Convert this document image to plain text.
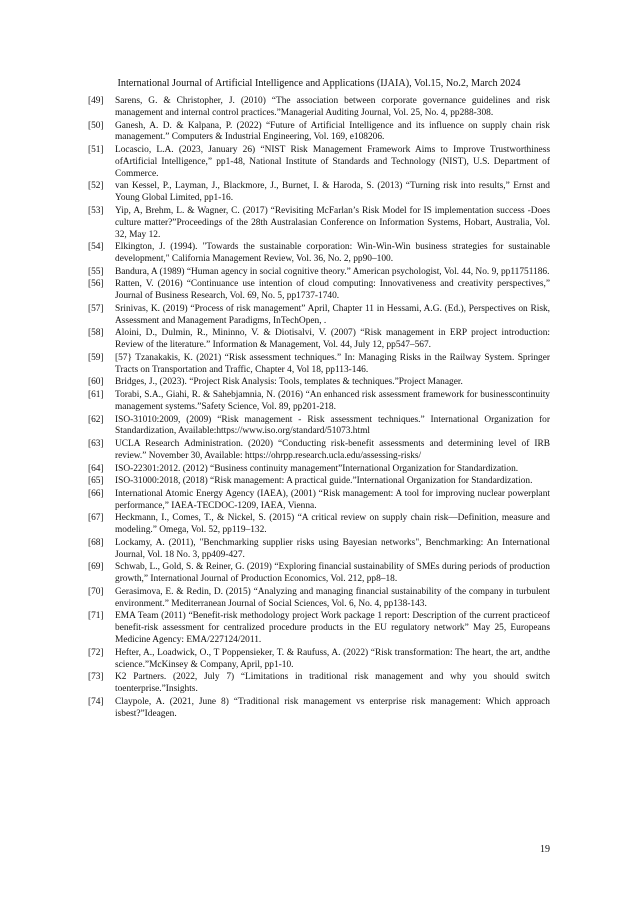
International Journal of Artificial Intelligence and Applications (IJAIA), Vol.15, No.2, March 2024
[49]	Sarens, G. & Christopher, J. (2010) “The association between corporate governance guidelines and risk management and internal control practices.”Managerial Auditing Journal, Vol. 25, No. 4, pp288-308.
[50]	Ganesh, A. D. & Kalpana, P. (2022) “Future of Artificial Intelligence and its influence on supply chain risk management.” Computers & Industrial Engineering, Vol. 169, e108206.
[51]	Locascio, L.A. (2023, January 26) “NIST Risk Management Framework Aims to Improve Trustworthiness ofArtificial Intelligence,” pp1-48, National Institute of Standards and Technology (NIST), U.S. Department of Commerce.
[52]	van Kessel, P., Layman, J., Blackmore, J., Burnet, I. & Haroda, S. (2013) “Turning risk into results,” Ernst and Young Global Limited, pp1-16.
[53]	Yip, A, Brehm, L. & Wagner, C. (2017) “Revisiting McFarlan’s Risk Model for IS implementation success -Does culture matter?”Proceedings of the 28th Australasian Conference on Information Systems, Hobart, Australia, Vol. 32, May 12.
[54]	Elkington, J. (1994). "Towards the sustainable corporation: Win-Win-Win business strategies for sustainable development," California Management Review, Vol. 36, No. 2, pp90–100.
[55]	Bandura, A (1989) “Human agency in social cognitive theory.” American psychologist, Vol. 44, No. 9, pp11751186.
[56]	Ratten, V. (2016) “Continuance use intention of cloud computing: Innovativeness and creativity perspectives,” Journal of Business Research, Vol. 69, No. 5, pp1737-1740.
[57]	Srinivas, K. (2019) “Process of risk management” April, Chapter 11 in Hessami, A.G. (Ed.), Perspectives on Risk, Assessment and Management Paradigms, InTechOpen, .
[58]	Aloini, D., Dulmin, R., Mininno, V. & Diotisalvi, V. (2007) “Risk management in ERP project introduction: Review of the literature.” Information & Management, Vol. 44, July 12, pp547–567.
[59]	[57} Tzanakakis, K. (2021) “Risk assessment techniques.” In: Managing Risks in the Railway System. Springer Tracts on Transportation and Traffic, Chapter 4, Vol 18, pp113-146.
[60]	Bridges, J., (2023). “Project Risk Analysis: Tools, templates & techniques.”Project Manager.
[61]	Torabi, S.A., Giahi, R. & Sahebjamnia, N. (2016) “An enhanced risk assessment framework for businesscontinuity management systems.”Safety Science, Vol. 89, pp201-218.
[62]	ISO-31010:2009, (2009) “Risk management - Risk assessment techniques.” International Organization for Standardization, Available:https://www.iso.org/standard/51073.html
[63]	UCLA Research Administration. (2020) “Conducting risk-benefit assessments and determining level of IRB review.” November 30, Available: https://ohrpp.research.ucla.edu/assessing-risks/
[64]	ISO-22301:2012. (2012) “Business continuity management”International Organization for Standardization.
[65]	ISO-31000:2018, (2018) “Risk management: A practical guide.”International Organization for Standardization.
[66]	International Atomic Energy Agency (IAEA), (2001) “Risk management: A tool for improving nuclear powerplant performance,” IAEA-TECDOC-1209, IAEA, Vienna.
[67]	Heckmann, I., Comes, T., & Nickel, S. (2015) “A critical review on supply chain risk—Definition, measure and modeling.” Omega, Vol. 52, pp119–132.
[68]	Lockamy, A. (2011), "Benchmarking supplier risks using Bayesian networks", Benchmarking: An International Journal, Vol. 18 No. 3, pp409-427.
[69]	Schwab, L., Gold, S. & Reiner, G. (2019) “Exploring financial sustainability of SMEs during periods of production growth,” International Journal of Production Economics, Vol. 212, pp8–18.
[70]	Gerasimova, E. & Redin, D. (2015) “Analyzing and managing financial sustainability of the company in turbulent environment.” Mediterranean Journal of Social Sciences, Vol. 6, No. 4, pp138-143.
[71]	EMA Team (2011) “Benefit-risk methodology project Work package 1 report: Description of the current practiceof benefit-risk assessment for centralized procedure products in the EU regulatory network” May 25, Europeans Medicine Agency: EMA/227124/2011.
[72]	Hefter, A., Loadwick, O., T Poppensieker, T. & Raufuss, A. (2022) “Risk transformation: The heart, the art, andthe science.”McKinsey & Company, April, pp1-10.
[73]	K2 Partners. (2022, July 7) “Limitations in traditional risk management and why you should switch toenterprise.”Insights.
[74]	Claypole, A. (2021, June 8) “Traditional risk management vs enterprise risk management: Which approach isbest?”Ideagen.
19
